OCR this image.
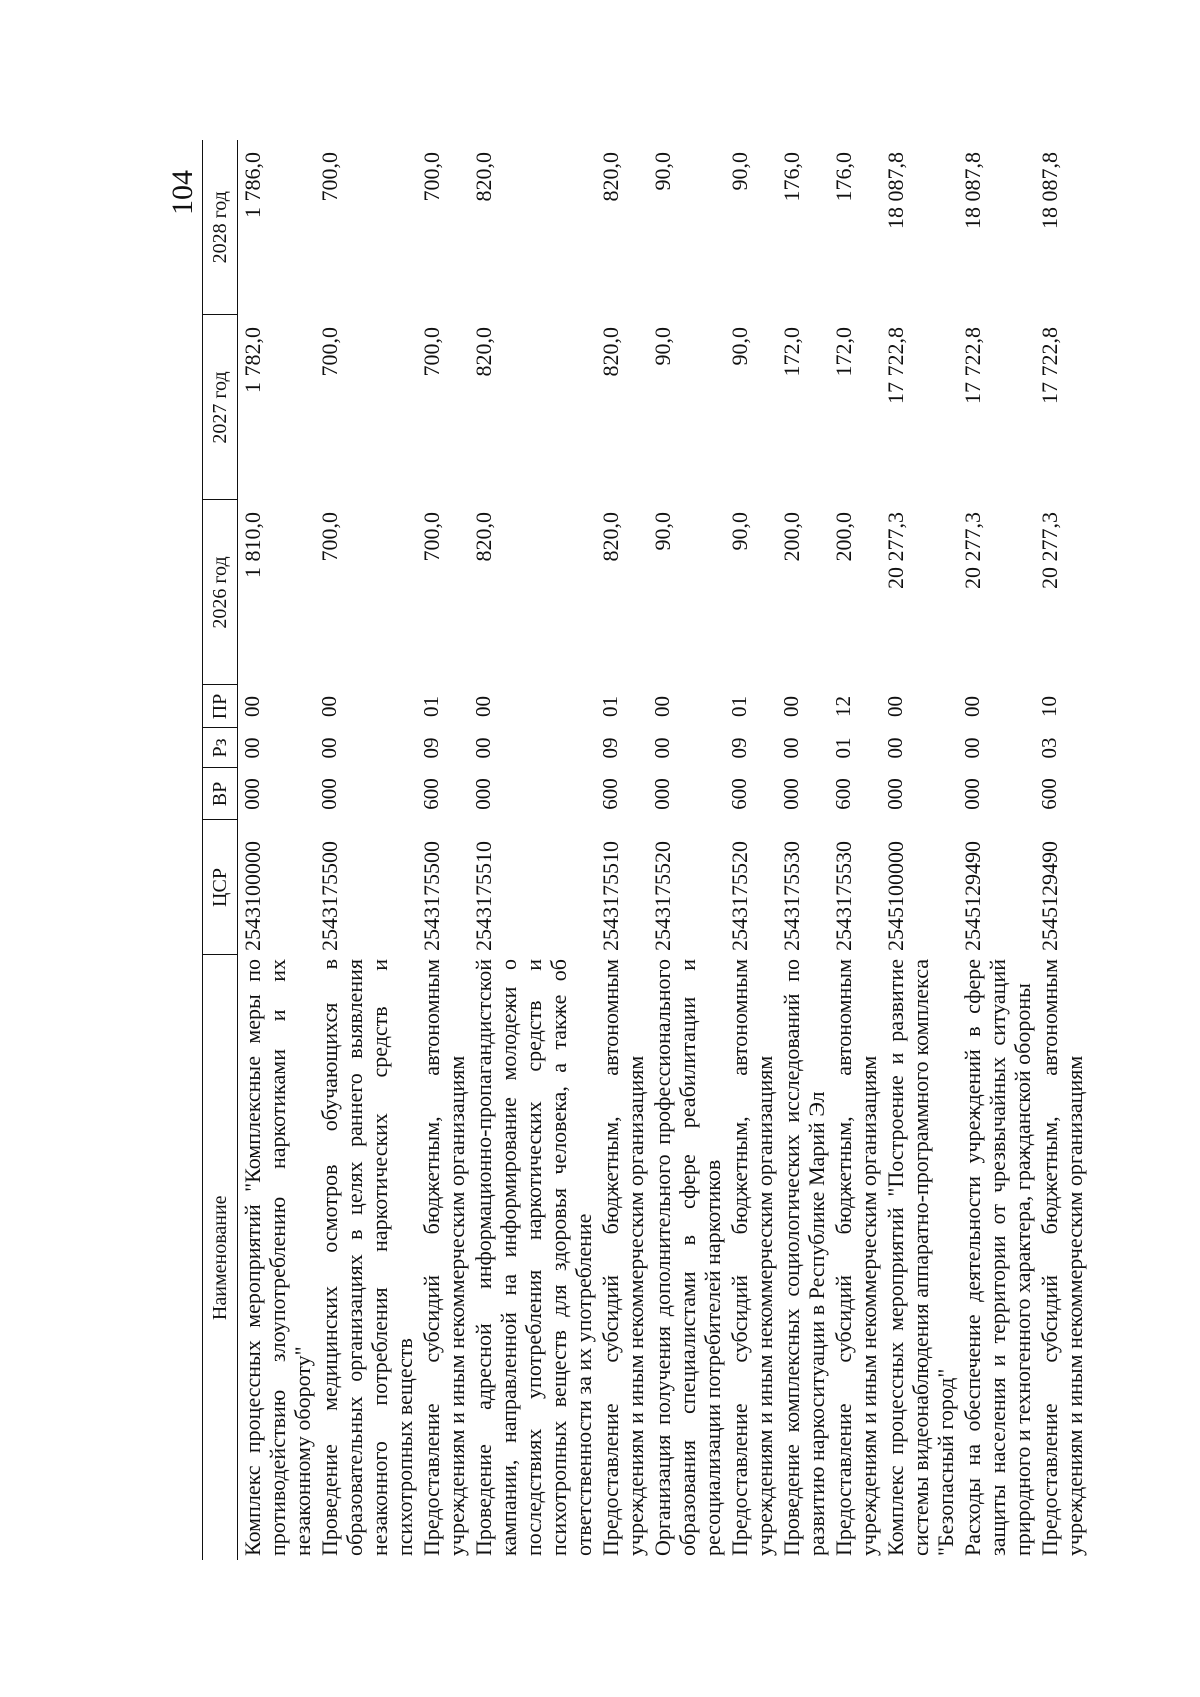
104
Наименование	ЦСР	ВР	Рз	ПР	2026 год	2027 год	2028 год
Комплекс процессных мероприятий "Комплексные меры по противодействию злоупотреблению наркотиками и их незаконному обороту"	2543100000	000	00	00	1 810,0	1 782,0	1 786,0
Проведение медицинских осмотров обучающихся в образовательных организациях в целях раннего выявления незаконного потребления наркотических средств и психотропных веществ	2543175500	000	00	00	700,0	700,0	700,0
Предоставление субсидий бюджетным, автономным учреждениям и иным некоммерческим организациям	2543175500	600	09	01	700,0	700,0	700,0
Проведение адресной информационно-пропагандистской кампании, направленной на информирование молодежи о последствиях употребления наркотических средств и психотропных веществ для здоровья человека, а также об ответственности за их употребление	2543175510	000	00	00	820,0	820,0	820,0
Предоставление субсидий бюджетным, автономным учреждениям и иным некоммерческим организациям	2543175510	600	09	01	820,0	820,0	820,0
Организация получения дополнительного профессионального образования специалистами в сфере реабилитации и ресоциализации потребителей наркотиков	2543175520	000	00	00	90,0	90,0	90,0
Предоставление субсидий бюджетным, автономным учреждениям и иным некоммерческим организациям	2543175520	600	09	01	90,0	90,0	90,0
Проведение комплексных социологических исследований по развитию наркоситуации в Республике Марий Эл	2543175530	000	00	00	200,0	172,0	176,0
Предоставление субсидий бюджетным, автономным учреждениям и иным некоммерческим организациям	2543175530	600	01	12	200,0	172,0	176,0
Комплекс процессных мероприятий "Построение и развитие системы видеонаблюдения аппаратно-программного комплекса "Безопасный город"	2545100000	000	00	00	20 277,3	17 722,8	18 087,8
Расходы на обеспечение деятельности учреждений в сфере защиты населения и территории от чрезвычайных ситуаций природного и техногенного характера, гражданской обороны	2545129490	000	00	00	20 277,3	17 722,8	18 087,8
Предоставление субсидий бюджетным, автономным учреждениям и иным некоммерческим организациям	2545129490	600	03	10	20 277,3	17 722,8	18 087,8
